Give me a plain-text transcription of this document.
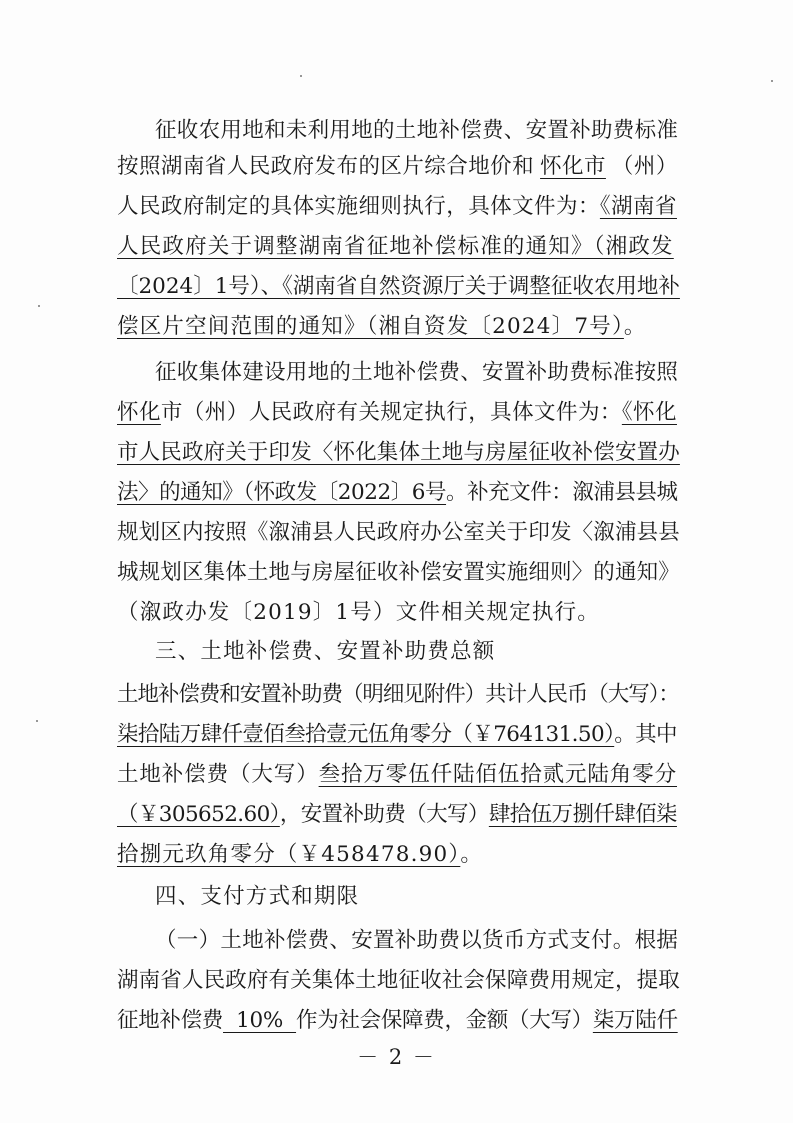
征收农用地和未利用地的土地补偿费、安置补助费标准
按照湖南省人民政府发布的区片综合地价和 怀化市 （州）
人民政府制定的具体实施细则执行，具体文件为：《湖南省
人民政府关于调整湖南省征地补偿标准的通知》（湘政发
〔2024〕1号）、《湖南省自然资源厅关于调整征收农用地补
偿区片空间范围的通知》（湘自资发〔2024〕7号）。
征收集体建设用地的土地补偿费、安置补助费标准按照
怀化市（州）人民政府有关规定执行，具体文件为：《怀化
市人民政府关于印发〈怀化集体土地与房屋征收补偿安置办
法〉的通知》（怀政发〔2022〕6号。补充文件：溆浦县县城
规划区内按照《溆浦县人民政府办公室关于印发〈溆浦县县
城规划区集体土地与房屋征收补偿安置实施细则〉的通知》
（溆政办发〔2019〕1号）文件相关规定执行。
三、土地补偿费、安置补助费总额
土地补偿费和安置补助费（明细见附件）共计人民币（大写）：
柒拾陆万肆仟壹佰叁拾壹元伍角零分（￥764131.50）。其中
土地补偿费（大写）叁拾万零伍仟陆佰伍拾贰元陆角零分
（￥305652.60），安置补助费（大写）肆拾伍万捌仟肆佰柒
拾捌元玖角零分（￥458478.90）。
四、支付方式和期限
（一）土地补偿费、安置补助费以货币方式支付。根据
湖南省人民政府有关集体土地征收社会保障费用规定，提取
征地补偿费  10%  作为社会保障费，金额（大写）柒万陆仟
－ 2 －
